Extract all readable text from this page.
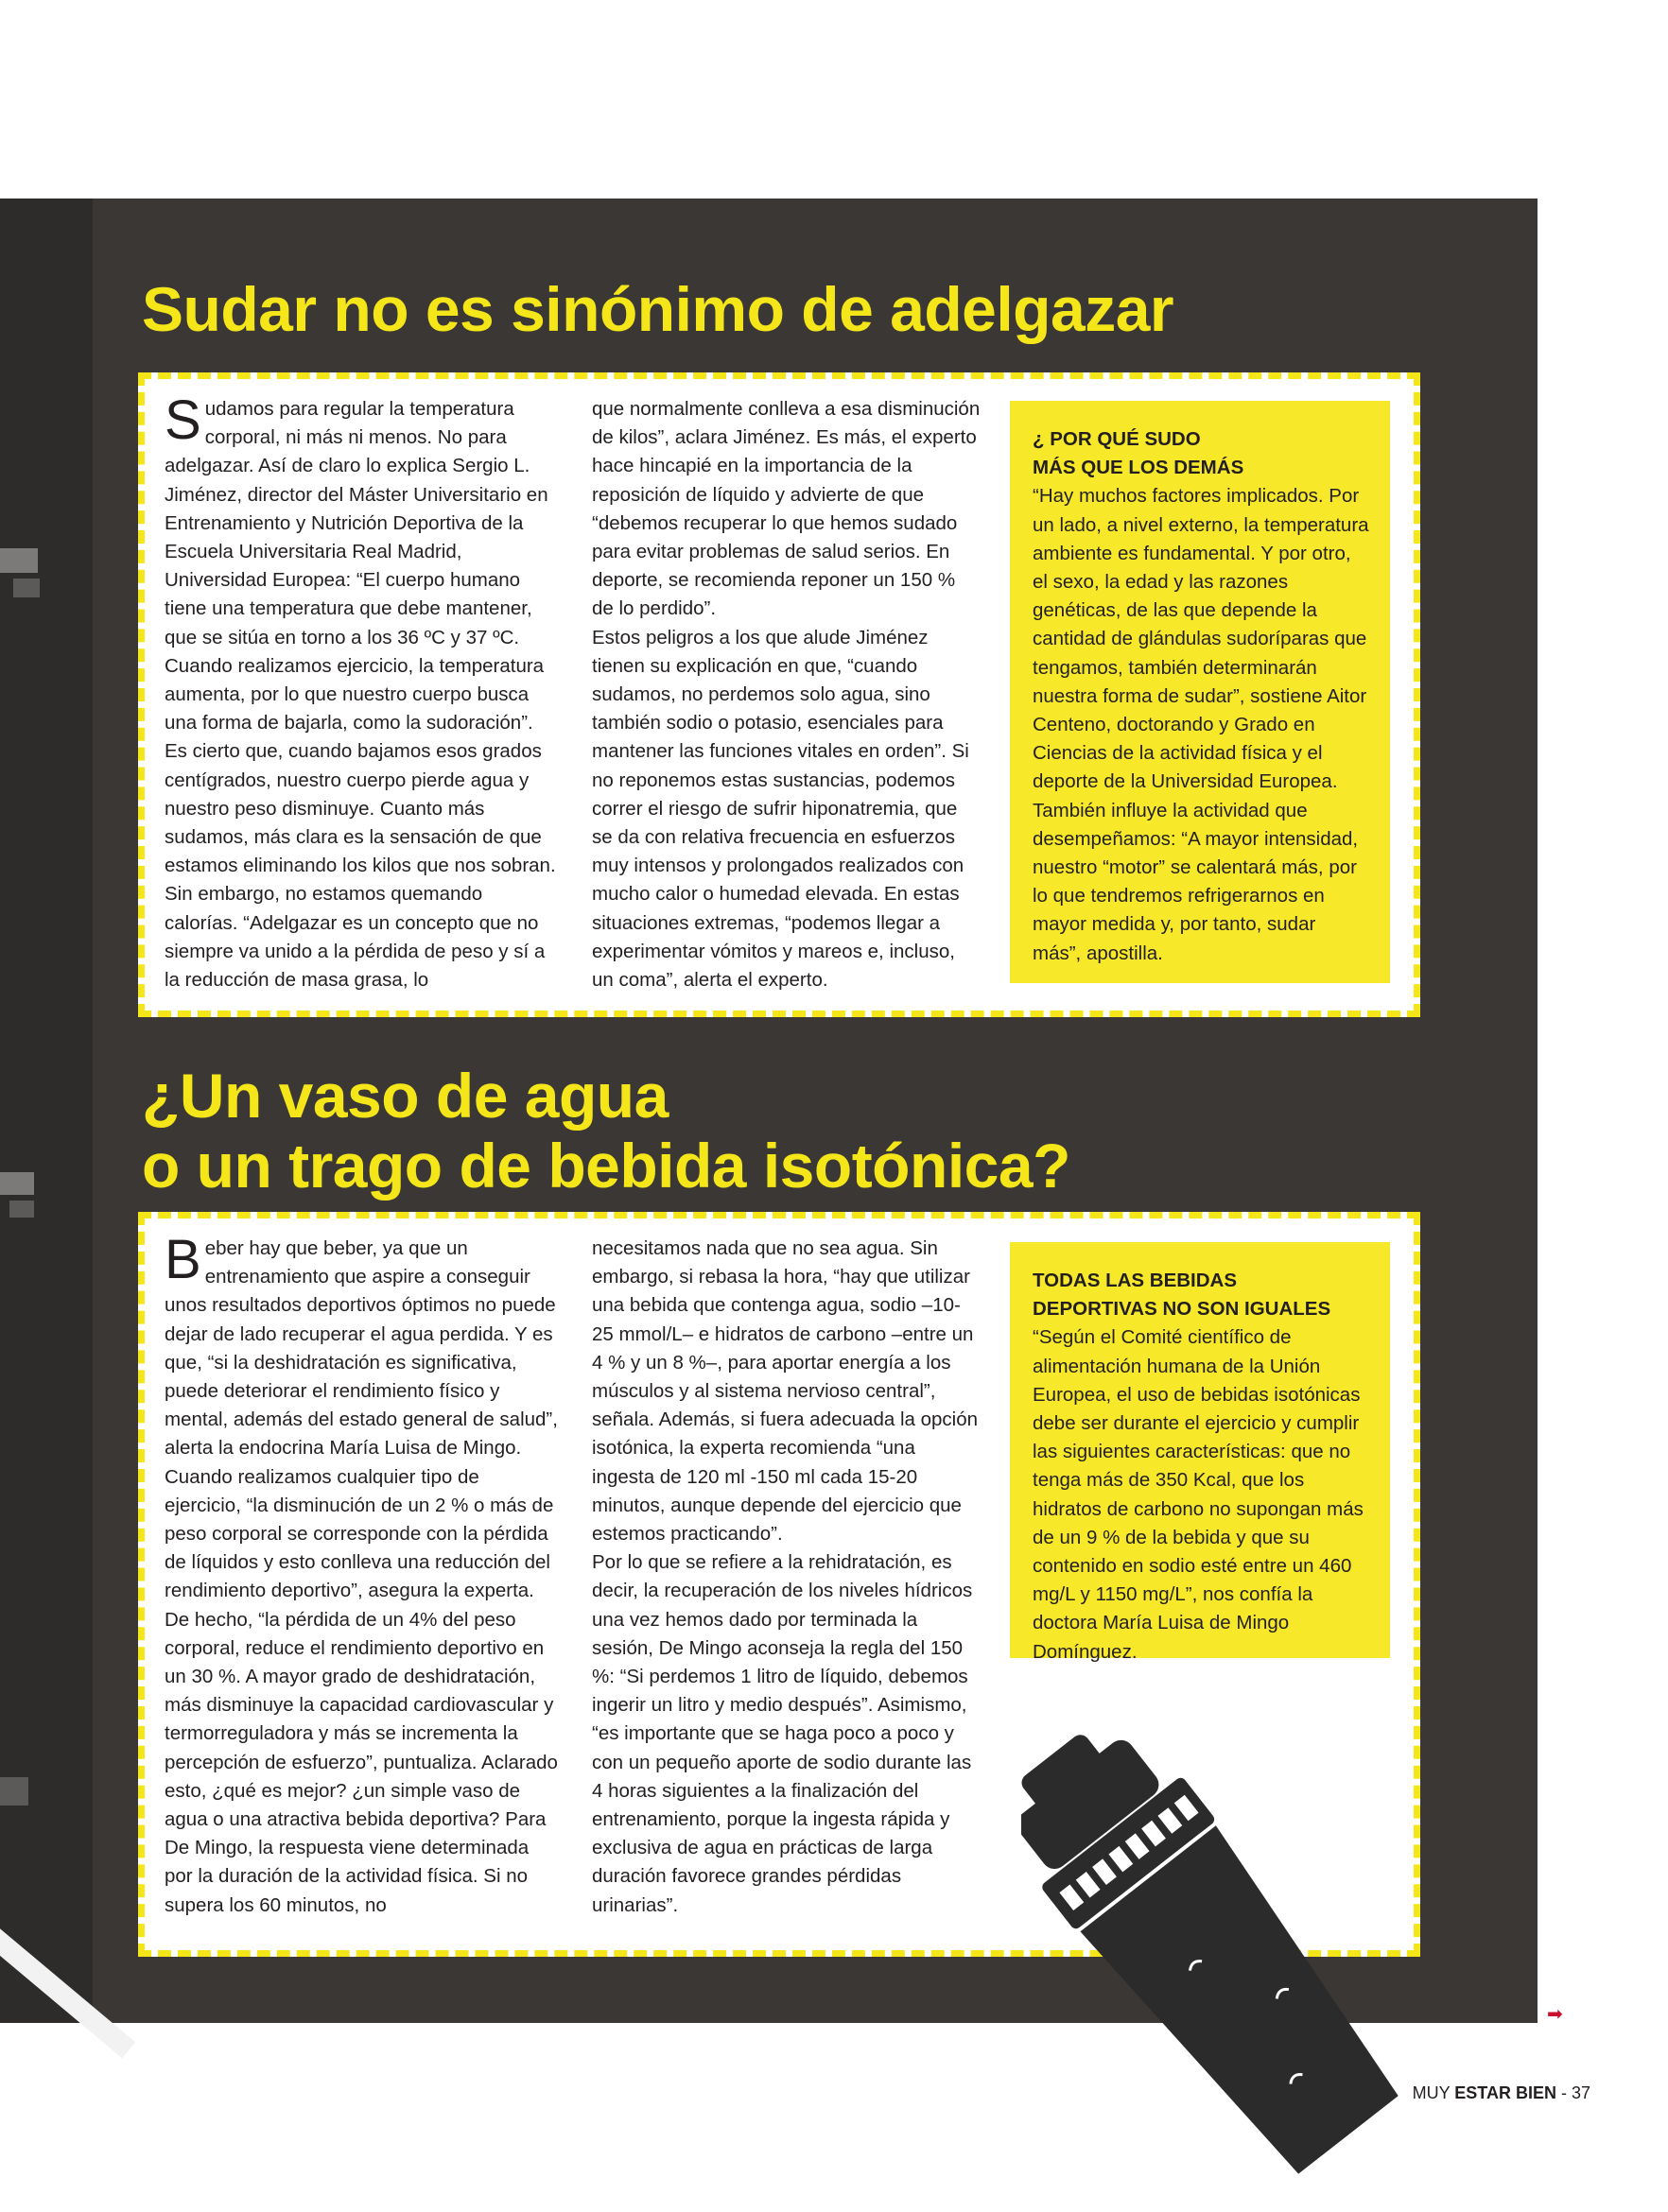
Sudar no es sinónimo de adelgazar

Sudamos para regular la temperatura corporal, ni más ni menos. No para adelgazar. Así de claro lo explica Sergio L. Jiménez, director del Máster Universitario en Entrenamiento y Nutrición Deportiva de la Escuela Universitaria Real Madrid, Universidad Europea: “El cuerpo humano tiene una temperatura que debe mantener, que se sitúa en torno a los 36 ºC y 37 ºC. Cuando realizamos ejercicio, la temperatura aumenta, por lo que nuestro cuerpo busca una forma de bajarla, como la sudoración”. Es cierto que, cuando bajamos esos grados centígrados, nuestro cuerpo pierde agua y nuestro peso disminuye. Cuanto más sudamos, más clara es la sensación de que estamos eliminando los kilos que nos sobran. Sin embargo, no estamos quemando calorías. “Adelgazar es un concepto que no siempre va unido a la pérdida de peso y sí a la reducción de masa grasa, lo

que normalmente conlleva a esa disminución de kilos”, aclara Jiménez. Es más, el experto hace hincapié en la importancia de la reposición de líquido y advierte de que “debemos recuperar lo que hemos sudado para evitar problemas de salud serios. En deporte, se recomienda reponer un 150 % de lo perdido”.

Estos peligros a los que alude Jiménez tienen su explicación en que, “cuando sudamos, no perdemos solo agua, sino también sodio o potasio, esenciales para mantener las funciones vitales en orden”. Si no reponemos estas sustancias, podemos correr el riesgo de sufrir hiponatremia, que se da con relativa frecuencia en esfuerzos muy intensos y prolongados realizados con mucho calor o humedad elevada. En estas situaciones extremas, “podemos llegar a experimentar vómitos y mareos e, incluso, un coma”, alerta el experto.

¿ POR QUÉ SUDO

MÁS QUE LOS DEMÁS

“Hay muchos factores implicados. Por un lado, a nivel externo, la temperatura ambiente es fundamental. Y por otro, el sexo, la edad y las razones genéticas, de las que depende la cantidad de glándulas sudoríparas que tengamos, también determinarán nuestra forma de sudar”, sostiene Aitor Centeno, doctorando y Grado en Ciencias de la actividad física y el deporte de la Universidad Europea. También influye la actividad que desempeñamos: “A mayor intensidad, nuestro “motor” se calentará más, por lo que tendremos refrigerarnos en mayor medida y, por tanto, sudar más”, apostilla.

¿Un vaso de agua
o un trago de bebida isotónica?

Beber hay que beber, ya que un entrenamiento que aspire a conseguir unos resultados deportivos óptimos no puede dejar de lado recuperar el agua perdida. Y es que, “si la deshidratación es significativa, puede deteriorar el rendimiento físico y mental, además del estado general de salud”, alerta la endocrina María Luisa de Mingo. Cuando realizamos cualquier tipo de ejercicio, “la disminución de un 2 % o más de peso corporal se corresponde con la pérdida de líquidos y esto conlleva una reducción del rendimiento deportivo”, asegura la experta. De hecho, “la pérdida de un 4% del peso corporal, reduce el rendimiento deportivo en un 30 %. A mayor grado de deshidratación, más disminuye la capacidad cardiovascular y termorreguladora y más se incrementa la percepción de esfuerzo”, puntualiza. Aclarado esto, ¿qué es mejor? ¿un simple vaso de agua o una atractiva bebida deportiva? Para De Mingo, la respuesta viene determinada por la duración de la actividad física. Si no supera los 60 minutos, no

necesitamos nada que no sea agua. Sin embargo, si rebasa la hora, “hay que utilizar una bebida que contenga agua, sodio –10-25 mmol/L– e hidratos de carbono –entre un 4 % y un 8 %–, para aportar energía a los músculos y al sistema nervioso central”, señala. Además, si fuera adecuada la opción isotónica, la experta recomienda “una ingesta de 120 ml -150 ml cada 15-20 minutos, aunque depende del ejercicio que estemos practicando”.

Por lo que se refiere a la rehidratación, es decir, la recuperación de los niveles hídricos una vez hemos dado por terminada la sesión, De Mingo aconseja la regla del 150 %: “Si perdemos 1 litro de líquido, debemos ingerir un litro y medio después”. Asimismo, “es importante que se haga poco a poco y con un pequeño aporte de sodio durante las 4 horas siguientes a la finalización del entrenamiento, porque la ingesta rápida y exclusiva de agua en prácticas de larga duración favorece grandes pérdidas urinarias”.

TODAS LAS BEBIDAS

DEPORTIVAS NO SON IGUALES

“Según el Comité científico de alimentación humana de la Unión Europea, el uso de bebidas isotónicas debe ser durante el ejercicio y cumplir las siguientes características: que no tenga más de 350 Kcal, que los hidratos de carbono no supongan más de un 9 % de la bebida y que su contenido en sodio esté entre un 460 mg/L y 1150 mg/L”, nos confía la doctora María Luisa de Mingo Domínguez.

➡
MUY ESTAR BIEN - 37
